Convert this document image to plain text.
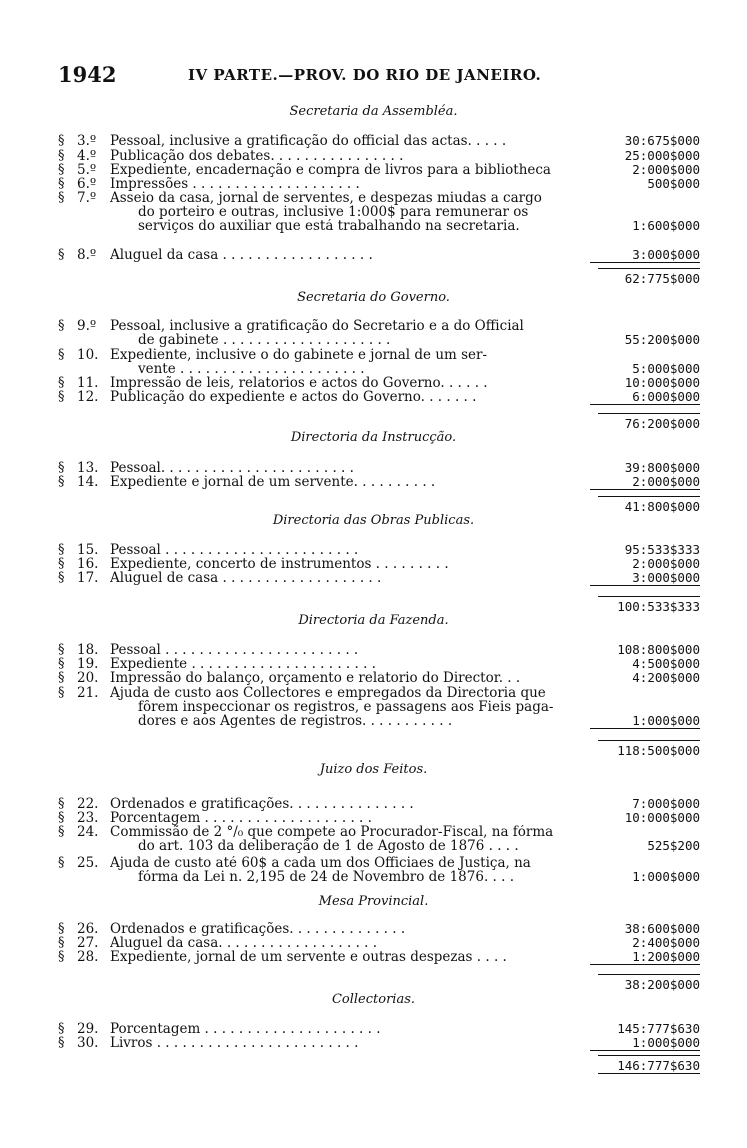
1942	IV PARTE.—PROV. DO RIO DE JANEIRO.
Secretaria da Assembléa.
§ 3.º Pessoal, inclusive a gratificação do official das actas. . . . .	30:675$000
§ 4.º Publicação dos debates. . . . . . . . . . . . . . . .	25:000$000
§ 5.º Expediente, encadernação e compra de livros para a bibliotheca	2:000$000
§ 6.º Impressões . . . . . . . . . . . . . . . . . . . .	500$000
§ 7.º Asseio da casa, jornal de serventes, e despezas miudas a cargo
do porteiro e outras, inclusive 1:000$ para remunerar os
serviços do auxiliar que está trabalhando na secretaria.	1:600$000
§ 8.º Aluguel da casa . . . . . . . . . . . . . . . . . .	3:000$000
62:775$000
Secretaria do Governo.
§ 9.º Pessoal, inclusive a gratificação do Secretario e a do Official
de gabinete . . . . . . . . . . . . . . . . . . . .	55:200$000
§ 10. Expediente, inclusive o do gabinete e jornal de um ser-
vente . . . . . . . . . . . . . . . . . . . . . .	5:000$000
§ 11. Impressão de leis, relatorios e actos do Governo. . . . . .	10:000$000
§ 12. Publicação do expediente e actos do Governo. . . . . . .	6:000$000
76:200$000
Directoria da Instrucção.
§ 13. Pessoal. . . . . . . . . . . . . . . . . . . . . . .	39:800$000
§ 14. Expediente e jornal de um servente. . . . . . . . . .	2:000$000
41:800$000
Directoria das Obras Publicas.
§ 15. Pessoal . . . . . . . . . . . . . . . . . . . . . . .	95:533$333
§ 16. Expediente, concerto de instrumentos . . . . . . . . .	2:000$000
§ 17. Aluguel de casa . . . . . . . . . . . . . . . . . . .	3:000$000
100:533$333
Directoria da Fazenda.
§ 18. Pessoal . . . . . . . . . . . . . . . . . . . . . . .	108:800$000
§ 19. Expediente . . . . . . . . . . . . . . . . . . . . . .	4:500$000
§ 20. Impressão do balanço, orçamento e relatorio do Director. . .	4:200$000
§ 21. Ajuda de custo aos Collectores e empregados da Directoria que
fôrem inspeccionar os registros, e passagens aos Fieis paga-
dores e aos Agentes de registros. . . . . . . . . . .	1:000$000
118:500$000
Juizo dos Feitos.
§ 22. Ordenados e gratificações. . . . . . . . . . . . . . .	7:000$000
§ 23. Porcentagem . . . . . . . . . . . . . . . . . . . .	10:000$000
§ 24. Commissão de 2 °/₀ que compete ao Procurador-Fiscal, na fórma
do art. 103 da deliberação de 1 de Agosto de 1876 . . . .	525$200
§ 25. Ajuda de custo até 60$ a cada um dos Officiaes de Justiça, na
fórma da Lei n. 2,195 de 24 de Novembro de 1876. . . .	1:000$000
Mesa Provincial.
§ 26. Ordenados e gratificações. . . . . . . . . . . . . .	38:600$000
§ 27. Aluguel da casa. . . . . . . . . . . . . . . . . . .	2:400$000
§ 28. Expediente, jornal de um servente e outras despezas . . . .	1:200$000
38:200$000
Collectorias.
§ 29. Porcentagem . . . . . . . . . . . . . . . . . . . . .	145:777$630
§ 30. Livros . . . . . . . . . . . . . . . . . . . . . . . .	1:000$000
146:777$630
